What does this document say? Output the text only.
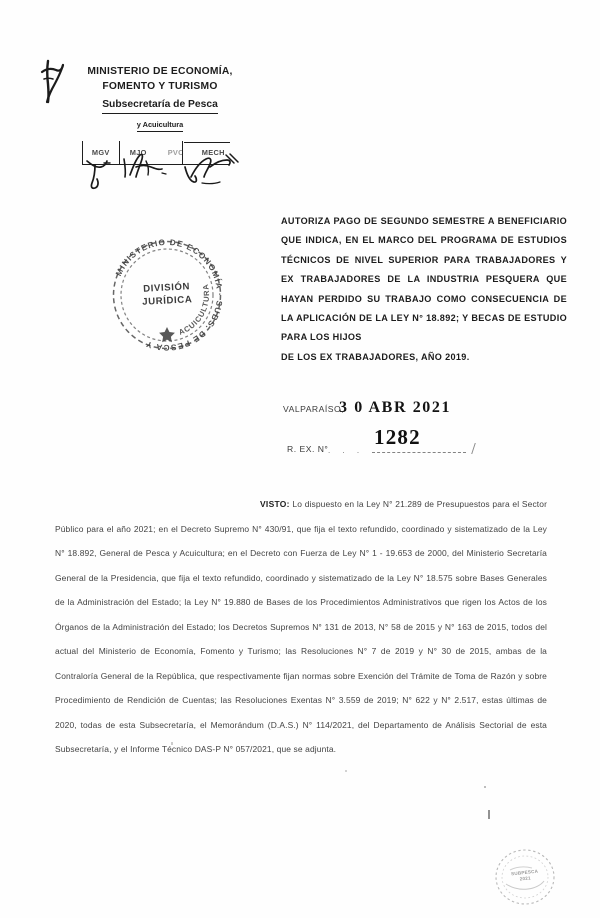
MINISTERIO DE ECONOMÍA,
FOMENTO Y TURISMO
Subsecretaría de Pesca
y Acuicultura
MGV	MJO	PVC	MECH
MINISTERIO DE ECONOMÍA · SUBS. DE PESCA Y
ACUICULTURA
DIVISIÓN
JURÍDICA

AUTORIZA PAGO DE SEGUNDO SEMESTRE A BENEFICIARIO QUE INDICA, EN EL MARCO DEL PROGRAMA DE ESTUDIOS TÉCNICOS DE NIVEL SUPERIOR PARA TRABAJADORES Y EX TRABAJADORES DE LA INDUSTRIA PESQUERA QUE HAYAN PERDIDO SU TRABAJO COMO CONSECUENCIA DE LA APLICACIÓN DE LA LEY N° 18.892; Y BECAS DE ESTUDIO PARA LOS HIJOS

DE LOS EX TRABAJADORES, AÑO 2019.

VALPARAÍSO,
3 0 ABR 2021
R. EX. N° . . .
1282
VISTO: Lo dispuesto en la Ley N° 21.289 de Presupuestos para el Sector Público para el año 2021; en el Decreto Supremo N° 430/91, que fija el texto refundido, coordinado y sistematizado de la Ley N° 18.892, General de Pesca y Acuicultura; en el Decreto con Fuerza de Ley N° 1 - 19.653 de 2000, del Ministerio Secretaría General de la Presidencia, que fija el texto refundido, coordinado y sistematizado de la Ley N° 18.575 sobre Bases Generales de la Administración del Estado; la Ley N° 19.880 de Bases de los Procedimientos Administrativos que rigen los Actos de los Órganos de la Administración del Estado; los Decretos Supremos N° 131 de 2013, N° 58 de 2015 y N° 163 de 2015, todos del actual del Ministerio de Economía, Fomento y Turismo; las Resoluciones N° 7 de 2019 y N° 30 de 2015, ambas de la Contraloría General de la República, que respectivamente fijan normas sobre Exención del Trámite de Toma de Razón y sobre Procedimiento de Rendición de Cuentas; las Resoluciones Exentas N° 3.559 de 2019; N° 622 y N° 2.517, estas últimas de 2020, todas de esta Subsecretaría, el Memorándum (D.A.S.) N° 114/2021, del Departamento de Análisis Sectorial de esta Subsecretaría, y el Informe Técnico DAS-P N° 057/2021, que se adjunta.
SUBPESCA
2021
